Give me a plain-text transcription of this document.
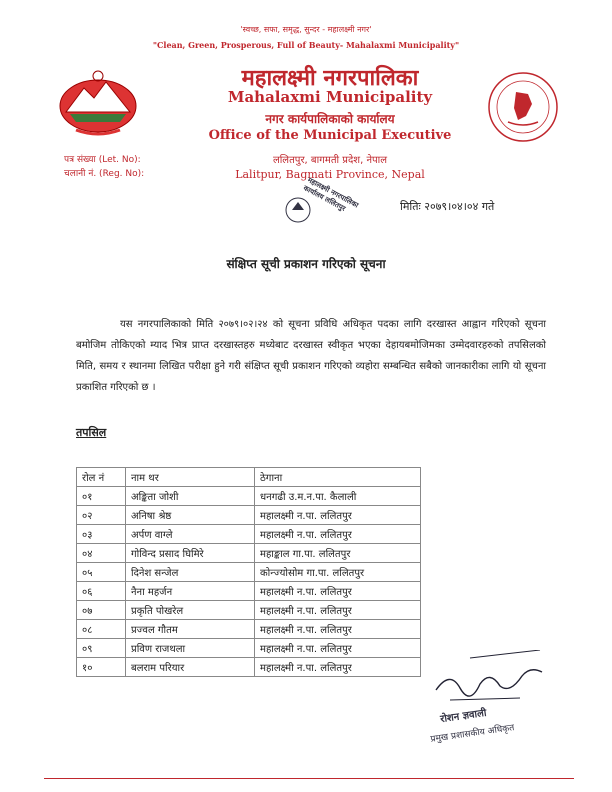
'स्वच्छ, सफा, समृद्ध, सुन्दर - महालक्ष्मी नगर'
"Clean, Green, Prosperous, Full of Beauty- Mahalaxmi Municipality"
महालक्ष्मी नगरपालिका
Mahalaxmi Municipality
नगर कार्यपालिकाको कार्यालय
Office of the Municipal Executive
ललितपुर, बागमती प्रदेश, नेपाल
Lalitpur, Bagmati Province, Nepal
पत्र संख्या (Let. No):
चलानी नं. (Reg. No):
महालक्ष्मी नगरपालिका कार्यालय ललितपुर	मितिः २०७९।०४।०४ गते
संक्षिप्त सूची प्रकाशन गरिएको सूचना
यस नगरपालिकाको मिति २०७९।०२।२४ को सूचना प्रविधि अधिकृत पदका लागि दरखास्त आह्वान गरिएको सूचना बमोजिम तोकिएको म्याद भित्र प्राप्त दरखास्तहरु मध्येबाट दरखास्त स्वीकृत भएका देहायबमोजिमका उम्मेदवारहरुको तपसिलको मिति, समय र स्थानमा लिखित परीक्षा हुने गरी संक्षिप्त सूची प्रकाशन गरिएको व्यहोरा सम्बन्धित सबैको जानकारीका लागि यो सूचना प्रकाशित गरिएको छ ।
तपसिल
रोल नं	नाम थर	ठेगाना
०१	अङ्किता जोशी	धनगढी उ.म.न.पा. कैलाली
०२	अनिषा श्रेष्ठ	महालक्ष्मी न.पा. ललितपुर
०३	अर्पण वाग्ले	महालक्ष्मी न.पा. ललितपुर
०४	गोविन्द प्रसाद घिमिरे	महाङ्काल गा.पा. ललितपुर
०५	दिनेश सन्जेल	कोन्ज्योसोम गा.पा. ललितपुर
०६	नैना महर्जन	महालक्ष्मी न.पा. ललितपुर
०७	प्रकृति पोखरेल	महालक्ष्मी न.पा. ललितपुर
०८	प्रज्वल गौतम	महालक्ष्मी न.पा. ललितपुर
०९	प्रविण राजथला	महालक्ष्मी न.पा. ललितपुर
१०	बलराम परियार	महालक्ष्मी न.पा. ललितपुर
रोशन ज्ञवाली
प्रमुख प्रशासकीय अधिकृत
